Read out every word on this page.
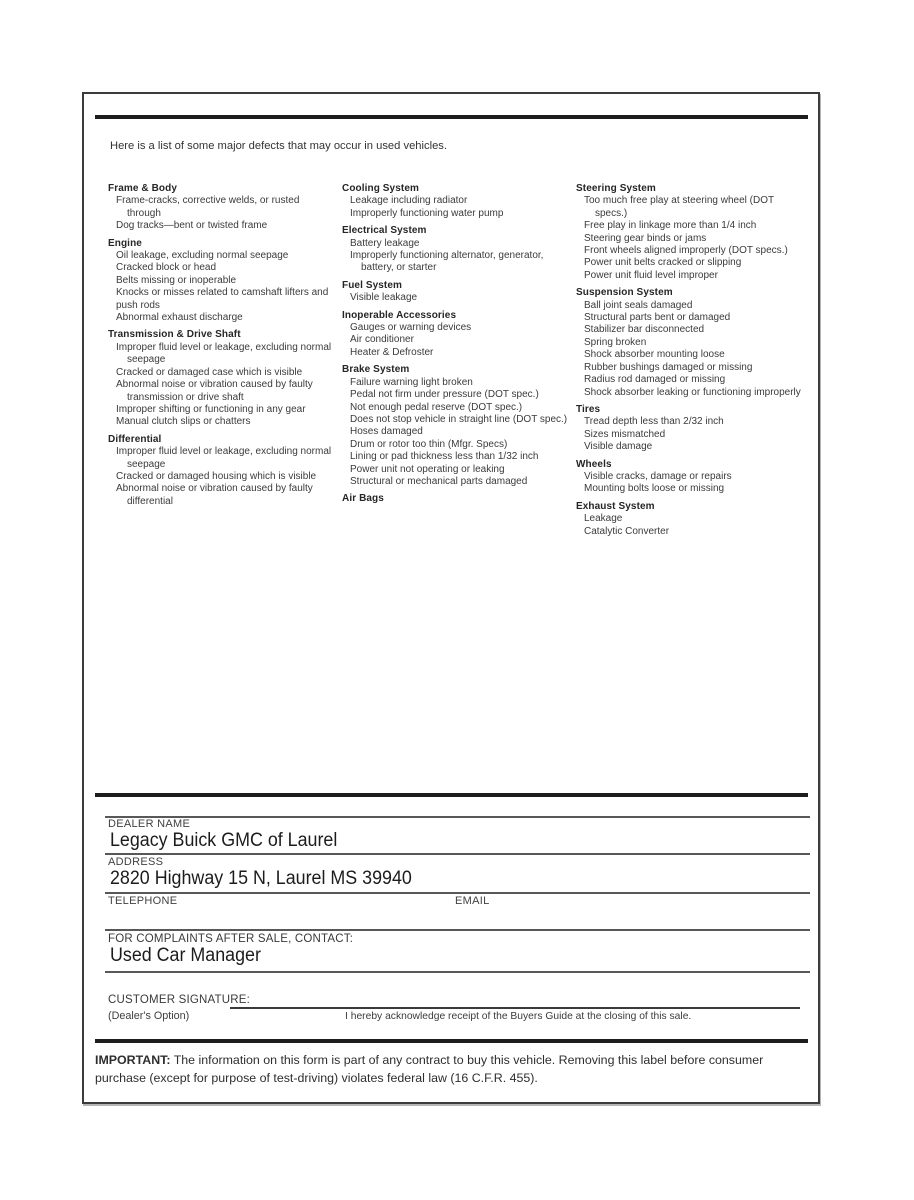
Here is a list of some major defects that may occur in used vehicles.
Frame & Body
Frame-cracks, corrective welds, or rusted through
Dog tracks—bent or twisted frame
Engine
Oil leakage, excluding normal seepage
Cracked block or head
Belts missing or inoperable
Knocks or misses related to camshaft lifters and push rods
Abnormal exhaust discharge
Transmission & Drive Shaft
Improper fluid level or leakage, excluding normal seepage
Cracked or damaged case which is visible
Abnormal noise or vibration caused by faulty transmission or drive shaft
Improper shifting or functioning in any gear
Manual clutch slips or chatters
Differential
Improper fluid level or leakage, excluding normal seepage
Cracked or damaged housing which is visible
Abnormal noise or vibration caused by faulty differential
Cooling System
Leakage including radiator
Improperly functioning water pump
Electrical System
Battery leakage
Improperly functioning alternator, generator, battery, or starter
Fuel System
Visible leakage
Inoperable Accessories
Gauges or warning devices
Air conditioner
Heater & Defroster
Brake System
Failure warning light broken
Pedal not firm under pressure (DOT spec.)
Not enough pedal reserve (DOT spec.)
Does not stop vehicle in straight line (DOT spec.)
Hoses damaged
Drum or rotor too thin (Mfgr. Specs)
Lining or pad thickness less than 1/32 inch
Power unit not operating or leaking
Structural or mechanical parts damaged
Air Bags
Steering System
Too much free play at steering wheel (DOT specs.)
Free play in linkage more than 1/4 inch
Steering gear binds or jams
Front wheels aligned improperly (DOT specs.)
Power unit belts cracked or slipping
Power unit fluid level improper
Suspension System
Ball joint seals damaged
Structural parts bent or damaged
Stabilizer bar disconnected
Spring broken
Shock absorber mounting loose
Rubber bushings damaged or missing
Radius rod damaged or missing
Shock absorber leaking or functioning improperly
Tires
Tread depth less than 2/32 inch
Sizes mismatched
Visible damage
Wheels
Visible cracks, damage or repairs
Mounting bolts loose or missing
Exhaust System
Leakage
Catalytic Converter
DEALER NAME
Legacy Buick GMC of Laurel
ADDRESS
2820 Highway 15 N, Laurel MS 39940
TELEPHONE	EMAIL
FOR COMPLAINTS AFTER SALE, CONTACT:
Used Car Manager
CUSTOMER SIGNATURE:
(Dealer's Option)	I hereby acknowledge receipt of the Buyers Guide at the closing of this sale.
IMPORTANT: The information on this form is part of any contract to buy this vehicle. Removing this label before consumer purchase (except for purpose of test-driving) violates federal law (16 C.F.R. 455).
